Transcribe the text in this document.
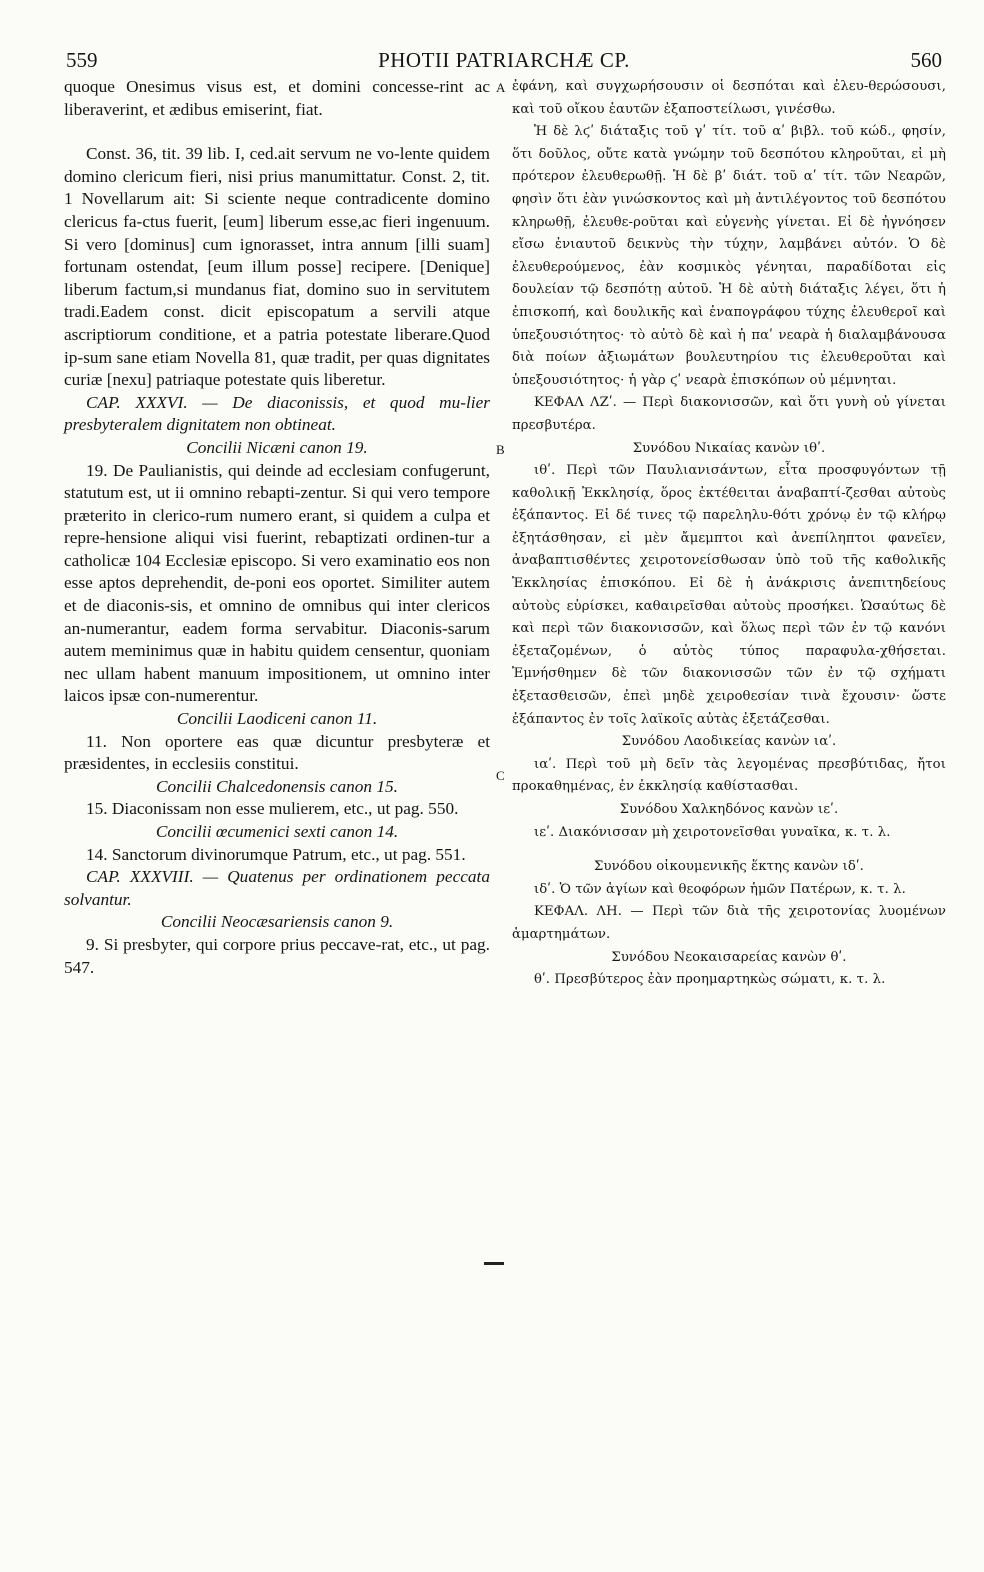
559	PHOTII PATRIARCHÆ CP.	560

quoque Onesimus visus est, et domini concesse-rint ac liberaverint, et ædibus emiserint, fiat.

Const. 36, tit. 39 lib. I, ced.ait servum ne vo-lente quidem domino clericum fieri, nisi prius manumittatur. Const. 2, tit. 1 Novellarum ait: Si sciente neque contradicente domino clericus fa-ctus fuerit, [eum] liberum esse,ac fieri ingenuum. Si vero [dominus] cum ignorasset, intra annum [illi suam] fortunam ostendat, [eum illum posse] recipere. [Denique] liberum factum,si mundanus fiat, domino suo in servitutem tradi.Eadem const. dicit episcopatum a servili atque ascriptiorum conditione, et a patria potestate liberare.Quod ip-sum sane etiam Novella 81, quæ tradit, per quas dignitates curiæ [nexu] patriaque potestate quis liberetur.

CAP. XXXVI. — De diaconissis, et quod mu-lier presbyteralem dignitatem non obtineat.

Concilii Nicæni canon 19.

19. De Paulianistis, qui deinde ad ecclesiam confugerunt, statutum est, ut ii omnino rebapti-zentur. Si qui vero tempore præterito in clerico-rum numero erant, si quidem a culpa et repre-hensione aliqui visi fuerint, rebaptizati ordinen-tur a catholicæ 104 Ecclesiæ episcopo. Si vero examinatio eos non esse aptos deprehendit, de-poni eos oportet. Similiter autem et de diaconis-sis, et omnino de omnibus qui inter clericos an-numerantur, eadem forma servabitur. Diaconis-sarum autem meminimus quæ in habitu quidem censentur, quoniam nec ullam habent manuum impositionem, ut omnino inter laicos ipsæ con-numerentur.

Concilii Laodiceni canon 11.

11. Non oportere eas quæ dicuntur presbyteræ et præsidentes, in ecclesiis constitui.

Concilii Chalcedonensis canon 15.

15. Diaconissam non esse mulierem, etc., ut pag. 550.

Concilii œcumenici sexti canon 14.

14. Sanctorum divinorumque Patrum, etc., ut pag. 551.

CAP. XXXVIII. — Quatenus per ordinationem peccata solvantur.

Concilii Neocæsariensis canon 9.

9. Si presbyter, qui corpore prius peccave-rat, etc., ut pag. 547.

ἐφάνη, καὶ συγχωρήσουσιν οἱ δεσπόται καὶ ἐλευ-θερώσουσι, καὶ τοῦ οἴκου ἑαυτῶν ἐξαποστείλωσι, γινέσθω.

Ἡ δὲ λϛʹ διάταξις τοῦ γʹ τίτ. τοῦ αʹ βιβλ. τοῦ κώδ., φησίν, ὅτι δοῦλος, οὔτε κατὰ γνώμην τοῦ δεσπότου κληροῦται, εἰ μὴ πρότερον ἐλευθερωθῇ. Ἡ δὲ βʹ διάτ. τοῦ αʹ τίτ. τῶν Νεαρῶν, φησὶν ὅτι ἐὰν γινώσκοντος καὶ μὴ ἀντιλέγοντος τοῦ δεσπότου κληρωθῇ, ἐλευθε-ροῦται καὶ εὐγενὴς γίνεται. Εἰ δὲ ἠγνόησεν εἴσω ἐνιαυτοῦ δεικνὺς τὴν τύχην, λαμβάνει αὐτόν. Ὁ δὲ ἐλευθερούμενος, ἐὰν κοσμικὸς γένηται, παραδίδοται εἰς δουλείαν τῷ δεσπότῃ αὐτοῦ. Ἡ δὲ αὐτὴ διάταξις λέγει, ὅτι ἡ ἐπισκοπή, καὶ δουλικῆς καὶ ἐναπογράφου τύχης ἐλευθεροῖ καὶ ὑπεξουσιότητος· τὸ αὐτὸ δὲ καὶ ἡ παʹ νεαρὰ ἡ διαλαμβάνουσα διὰ ποίων ἀξιωμάτων βουλευτηρίου τις ἐλευθεροῦται καὶ ὑπεξουσιότητος· ἡ γὰρ ϛʹ νεαρὰ ἐπισκόπων οὐ μέμνηται.

ΚΕΦΑΛ ΛΖʹ. — Περὶ διακονισσῶν, καὶ ὅτι γυνὴ οὐ γίνεται πρεσβυτέρα.

Συνόδου Νικαίας κανὼν ιθʹ.

ιθʹ. Περὶ τῶν Παυλιανισάντων, εἶτα προσφυγόντων τῇ καθολικῇ Ἐκκλησίᾳ, ὅρος ἐκτέθειται ἀναβαπτί-ζεσθαι αὐτοὺς ἐξάπαντος. Εἰ δέ τινες τῷ παρεληλυ-θότι χρόνῳ ἐν τῷ κλήρῳ ἐξητάσθησαν, εἰ μὲν ἄμεμπτοι καὶ ἀνεπίληπτοι φανεῖεν, ἀναβαπτισθέντες χειροτονείσθωσαν ὑπὸ τοῦ τῆς καθολικῆς Ἐκκλησίας ἐπισκόπου. Εἰ δὲ ἡ ἀνάκρισις ἀνεπιτηδείους αὐτοὺς εὑρίσκει, καθαιρεῖσθαι αὐτοὺς προσήκει. Ὡσαύτως δὲ καὶ περὶ τῶν διακονισσῶν, καὶ ὅλως περὶ τῶν ἐν τῷ κανόνι ἐξεταζομένων, ὁ αὐτὸς τύπος παραφυλα-χθήσεται. Ἐμνήσθημεν δὲ τῶν διακονισσῶν τῶν ἐν τῷ σχήματι ἐξετασθεισῶν, ἐπεὶ μηδὲ χειροθεσίαν τινὰ ἔχουσιν· ὥστε ἐξάπαντος ἐν τοῖς λαϊκοῖς αὐτὰς ἐξετάζεσθαι.

Συνόδου Λαοδικείας κανὼν ιαʹ.

ιαʹ. Περὶ τοῦ μὴ δεῖν τὰς λεγομένας πρεσβύτιδας, ἤτοι προκαθημένας, ἐν ἐκκλησίᾳ καθίστασθαι.

Συνόδου Χαλκηδόνος κανὼν ιεʹ.

ιεʹ. Διακόνισσαν μὴ χειροτονεῖσθαι γυναῖκα, κ. τ. λ.

Συνόδου οἰκουμενικῆς ἕκτης κανὼν ιδʹ.

ιδʹ. Ὁ τῶν ἁγίων καὶ θεοφόρων ἡμῶν Πατέρων, κ. τ. λ.

ΚΕΦΑΛ. ΛΗ. — Περὶ τῶν διὰ τῆς χειροτονίας λυομένων ἁμαρτημάτων.

Συνόδου Νεοκαισαρείας κανὼν θʹ.

θʹ. Πρεσβύτερος ἐὰν προημαρτηκὼς σώματι, κ. τ. λ.

A
B
C
